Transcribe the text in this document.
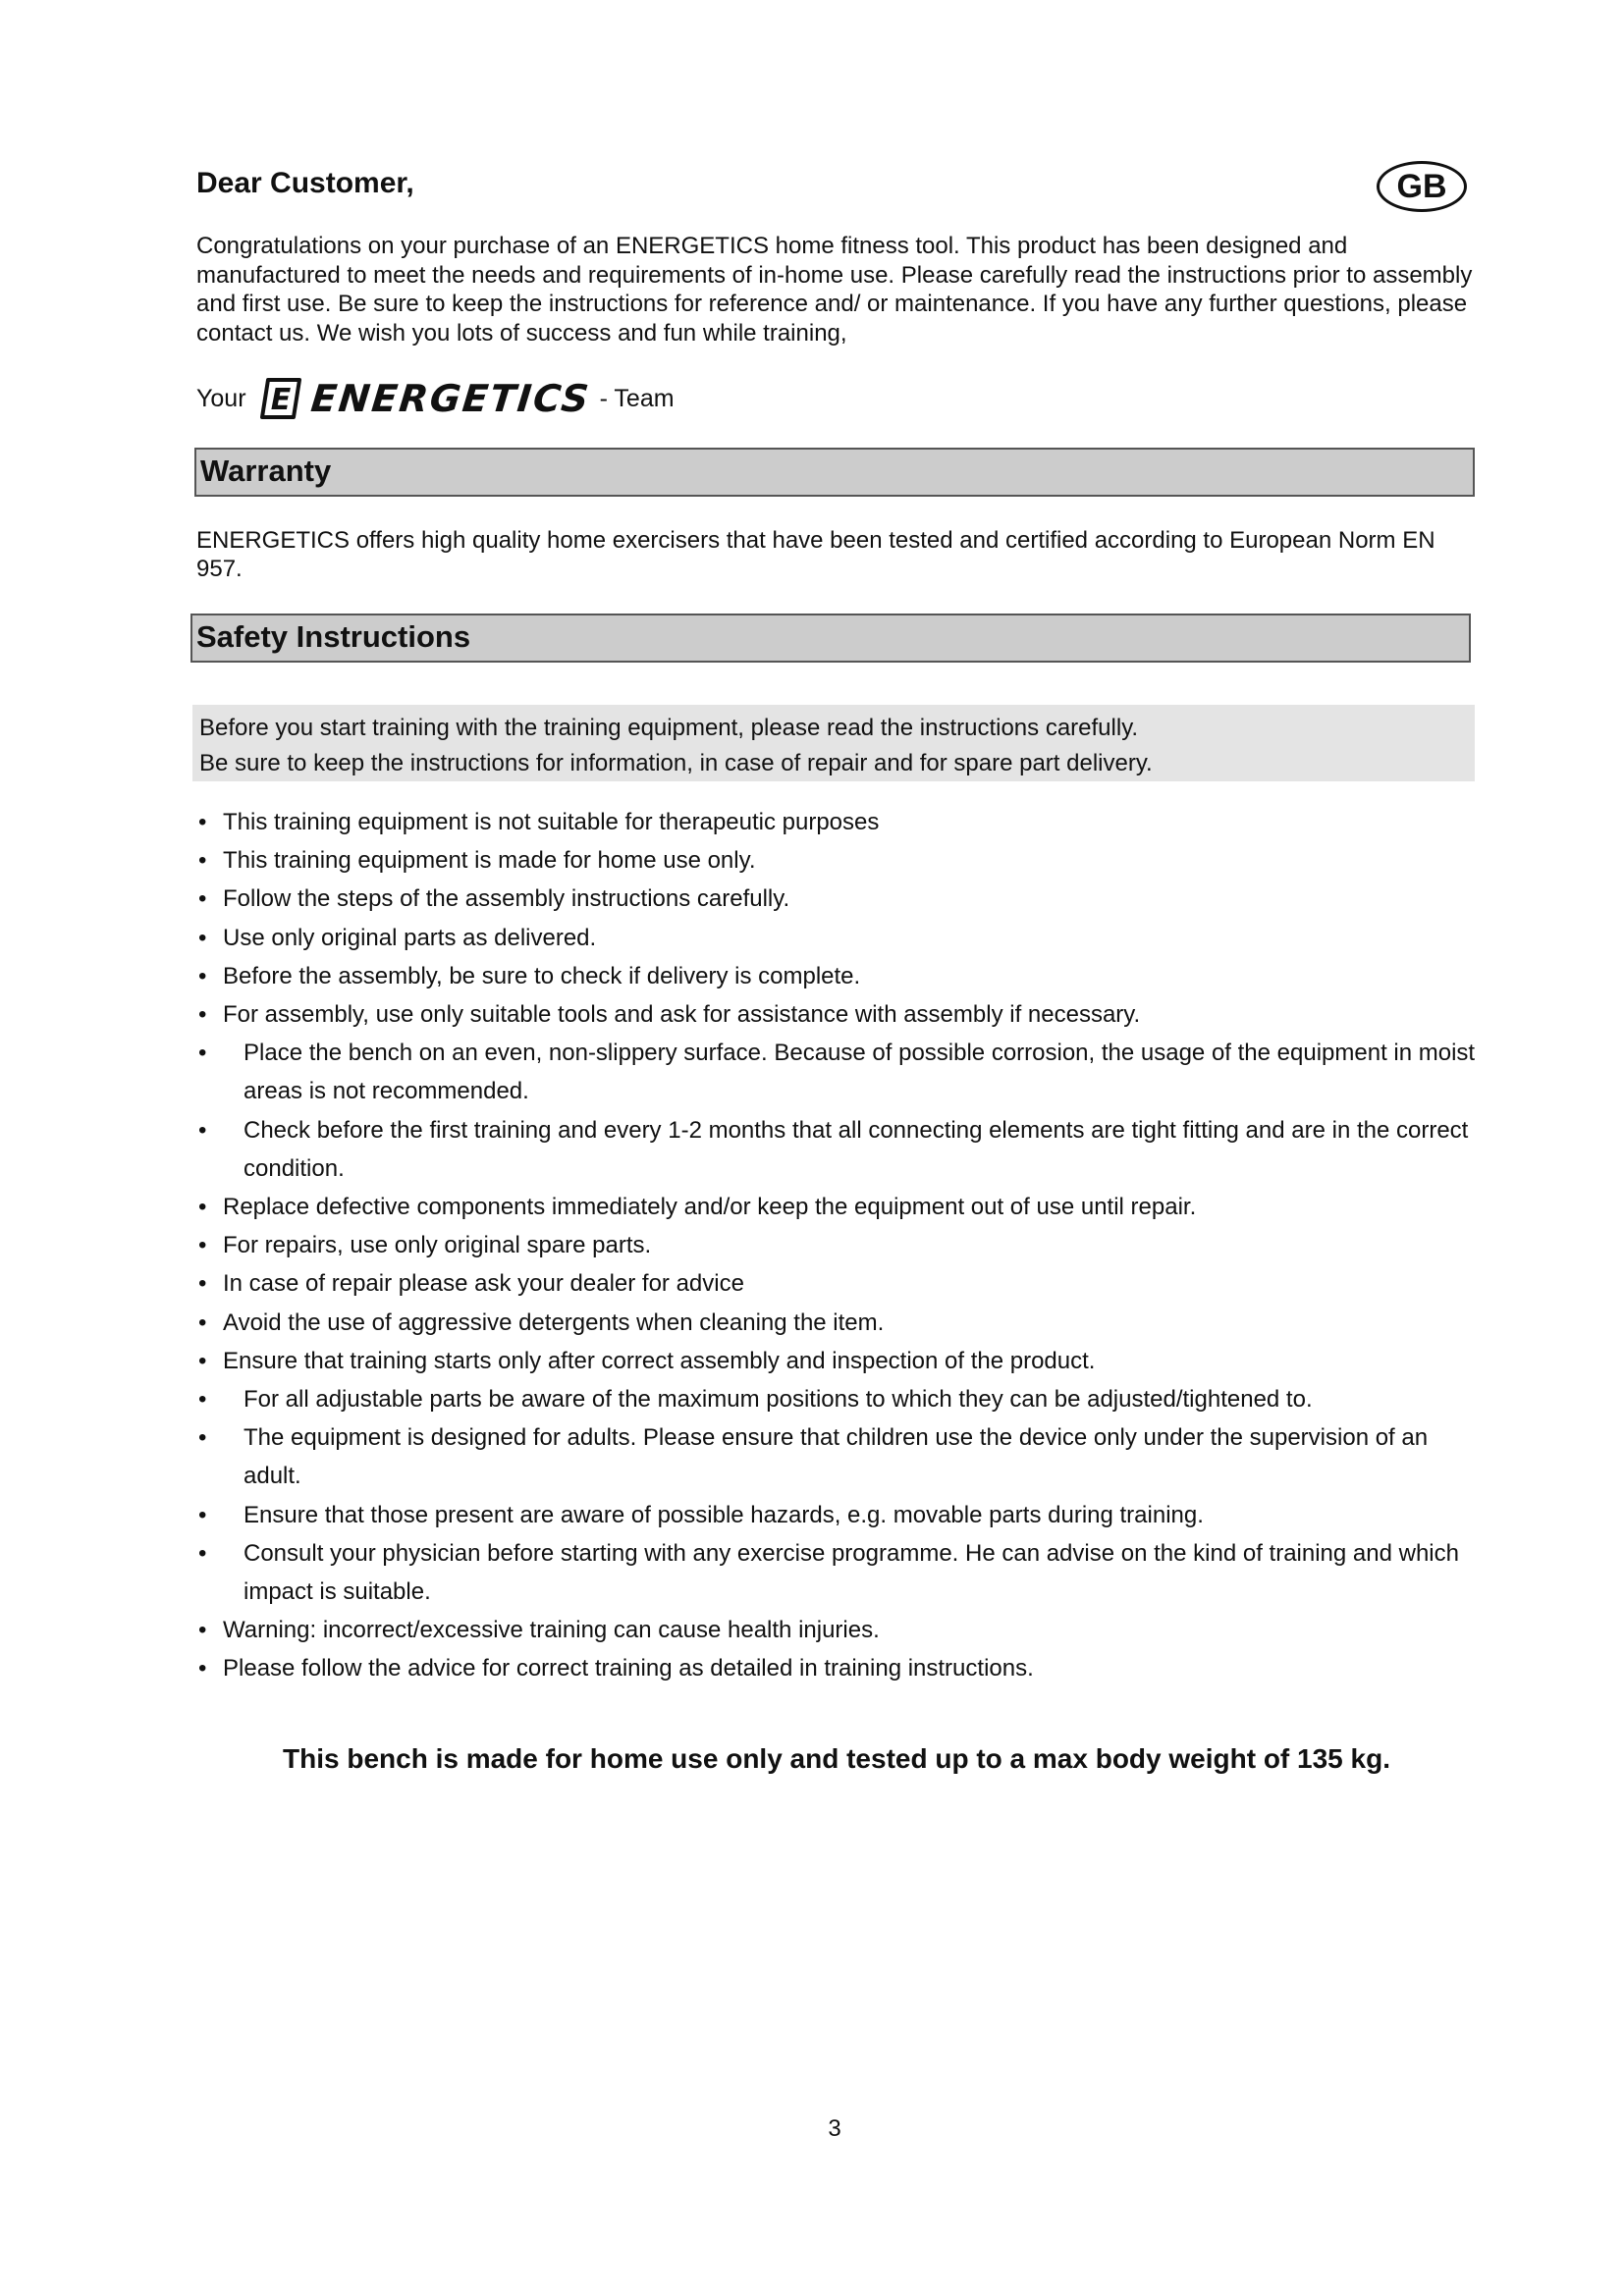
Dear Customer,	GB

Congratulations on your purchase of an ENERGETICS home fitness tool. This product has been designed and manufactured to meet the needs and requirements of in-home use. Please carefully read the instructions prior to assembly and first use. Be sure to keep the instructions for reference and/ or maintenance. If you have any further questions, please contact us. We wish you lots of success and fun while training,

Your E ENERGETICS - Team
Warranty

ENERGETICS offers high quality home exercisers that have been tested and certified according to European Norm EN 957.

Safety Instructions
Before you start training with the training equipment, please read the instructions carefully.
Be sure to keep the instructions for information, in case of repair and for spare part delivery.
• This training equipment is not suitable for therapeutic purposes
• This training equipment is made for home use only.
• Follow the steps of the assembly instructions carefully.
• Use only original parts as delivered.
• Before the assembly, be sure to check if delivery is complete.
• For assembly, use only suitable tools and ask for assistance with assembly if necessary.
• Place the bench on an even, non-slippery surface. Because of possible corrosion, the usage of the equipment in moist areas is not recommended.
• Check before the first training and every 1-2 months that all connecting elements are tight fitting and are in the correct condition.
• Replace defective components immediately and/or keep the equipment out of use until repair.
• For repairs, use only original spare parts.
• In case of repair please ask your dealer for advice
• Avoid the use of aggressive detergents when cleaning the item.
• Ensure that training starts only after correct assembly and inspection of the product.
• For all adjustable parts be aware of the maximum positions to which they can be adjusted/tightened to.
• The equipment is designed for adults. Please ensure that children use the device only under the supervision of an adult.
• Ensure that those present are aware of possible hazards, e.g. movable parts during training.
• Consult your physician before starting with any exercise programme. He can advise on the kind of training and which impact is suitable.
• Warning: incorrect/excessive training can cause health injuries.
• Please follow the advice for correct training as detailed in training instructions.
This bench is made for home use only and tested up to a max body weight of 135 kg.
3
